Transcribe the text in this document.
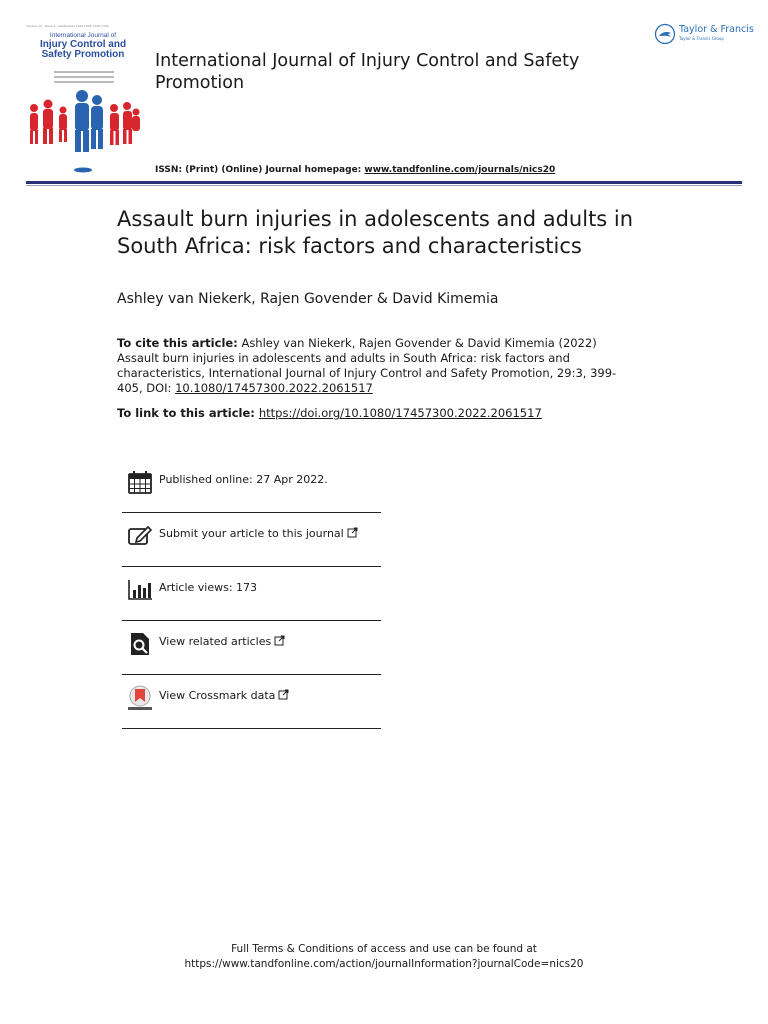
Volume 29 · Issue 3 · September 2022 ISSN 1745-7300
International Journal of
Injury Control and
Safety Promotion	International Journal of Injury Control and Safety Promotion
Taylor & Francis
Taylor & Francis Group
ISSN: (Print) (Online) Journal homepage: www.tandfonline.com/journals/nics20
Assault burn injuries in adolescents and adults in South Africa: risk factors and characteristics
Ashley van Niekerk, Rajen Govender & David Kimemia
To cite this article: Ashley van Niekerk, Rajen Govender & David Kimemia (2022) Assault burn injuries in adolescents and adults in South Africa: risk factors and characteristics, International Journal of Injury Control and Safety Promotion, 29:3, 399-405, DOI: 10.1080/17457300.2022.2061517
To link to this article: https://doi.org/10.1080/17457300.2022.2061517
Published online: 27 Apr 2022.
Submit your article to this journal
Article views: 173
View related articles
View Crossmark data
Full Terms & Conditions of access and use can be found at
https://www.tandfonline.com/action/journalInformation?journalCode=nics20
